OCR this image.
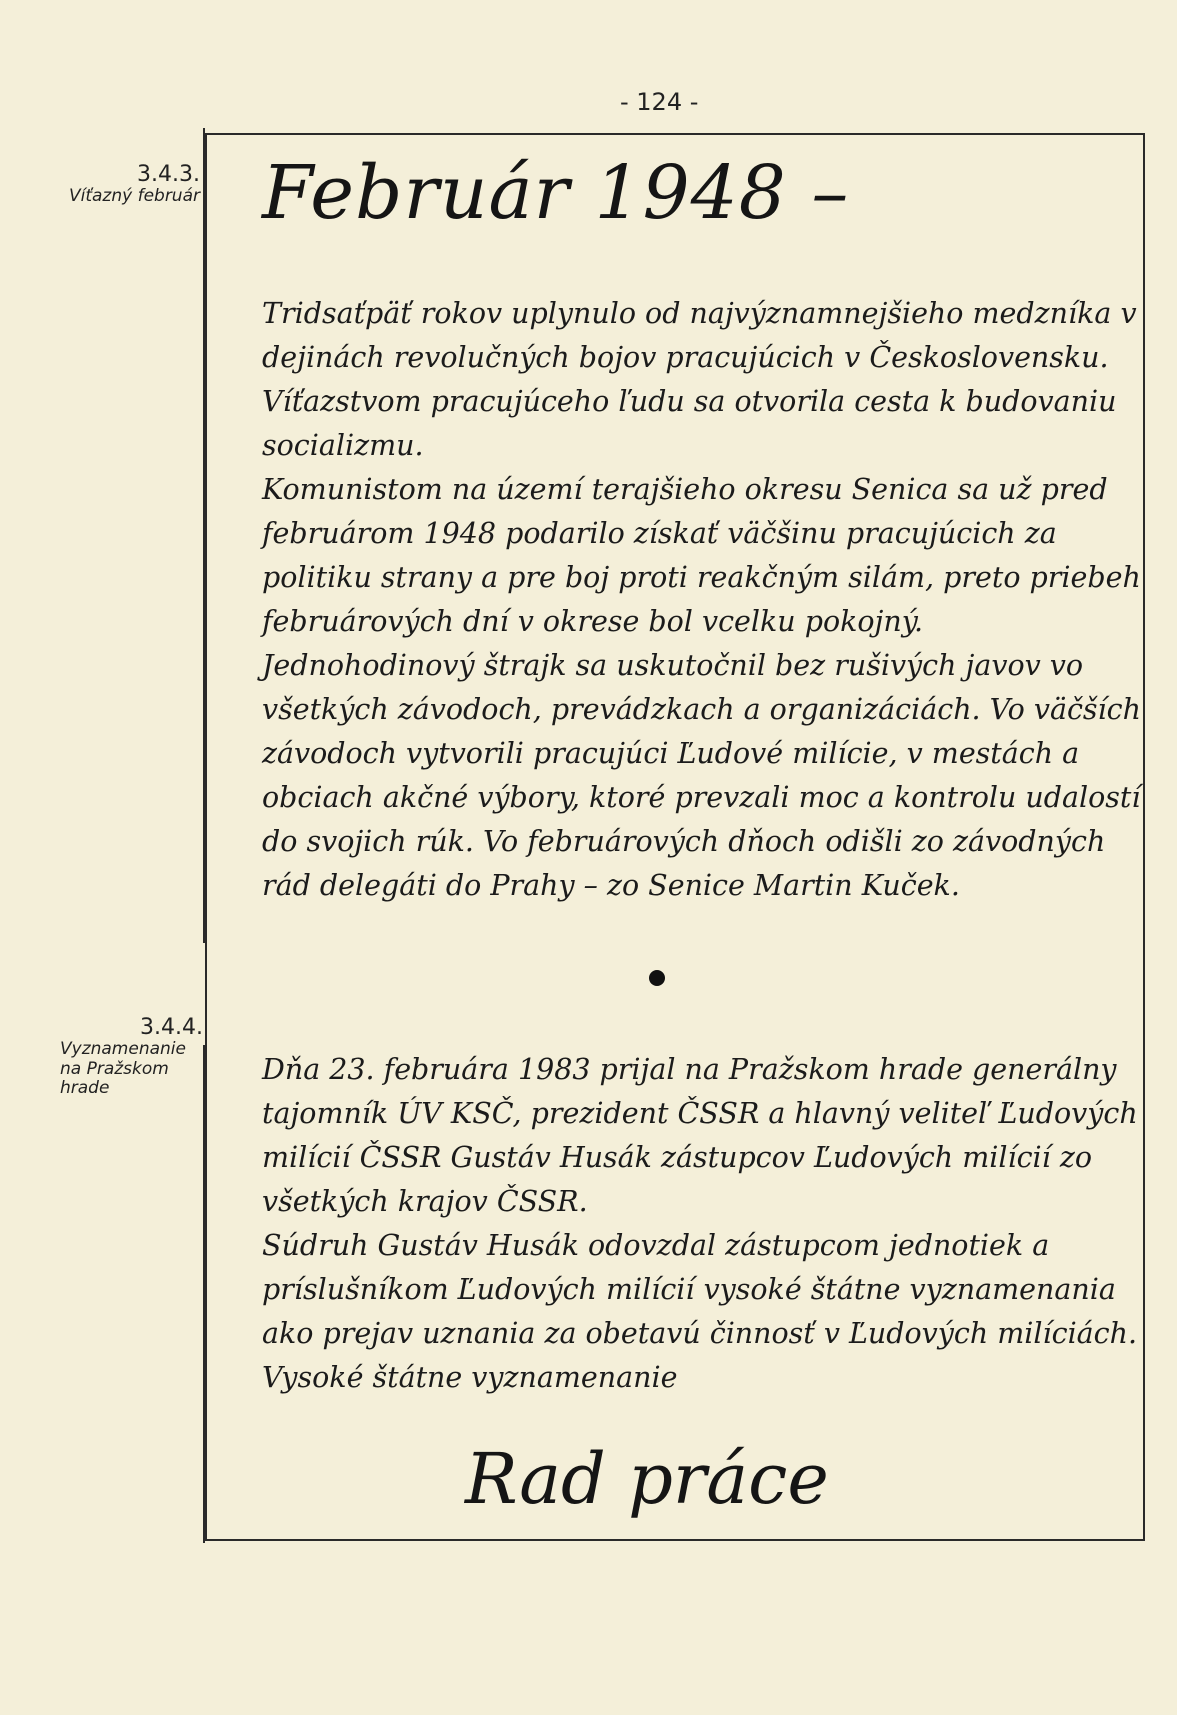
- 124 -
3.4.3.
Víťazný február
3.4.4.
Vyznamenanie na Pražskom hrade
Február 1948 –
Tridsaťpäť rokov uplynulo od najvýznamnejšieho medzníka v dejinách revolučných bojov pracujúcich v Československu. Víťazstvom pracujúceho ľudu sa otvorila cesta k budovaniu socializmu.
Komunistom na území terajšieho okresu Senica sa už pred februárom 1948 podarilo získať väčšinu pracujúcich za politiku strany a pre boj proti reakčným silám, preto priebeh februárových dní v okrese bol vcelku pokojný. Jednohodinový štrajk sa uskutočnil bez rušivých javov vo všetkých závodoch, prevádzkach a organizáciách. Vo väčších závodoch vytvorili pracujúci Ľudové milície, v mestách a obciach akčné výbory, ktoré prevzali moc a kontrolu udalostí do svojich rúk. Vo februárových dňoch odišli zo závodných rád delegáti do Prahy – zo Senice Martin Kuček.
Dňa 23. februára 1983 prijal na Pražskom hrade generálny tajomník ÚV KSČ, prezident ČSSR a hlavný veliteľ Ľudových milícií ČSSR Gustáv Husák zástupcov Ľudových milícií zo všetkých krajov ČSSR.
Súdruh Gustáv Husák odovzdal zástupcom jednotiek a príslušníkom Ľudových milícií vysoké štátne vyznamenania ako prejav uznania za obetavú činnosť v Ľudových milíciách.
Vysoké štátne vyznamenanie
Rad práce
